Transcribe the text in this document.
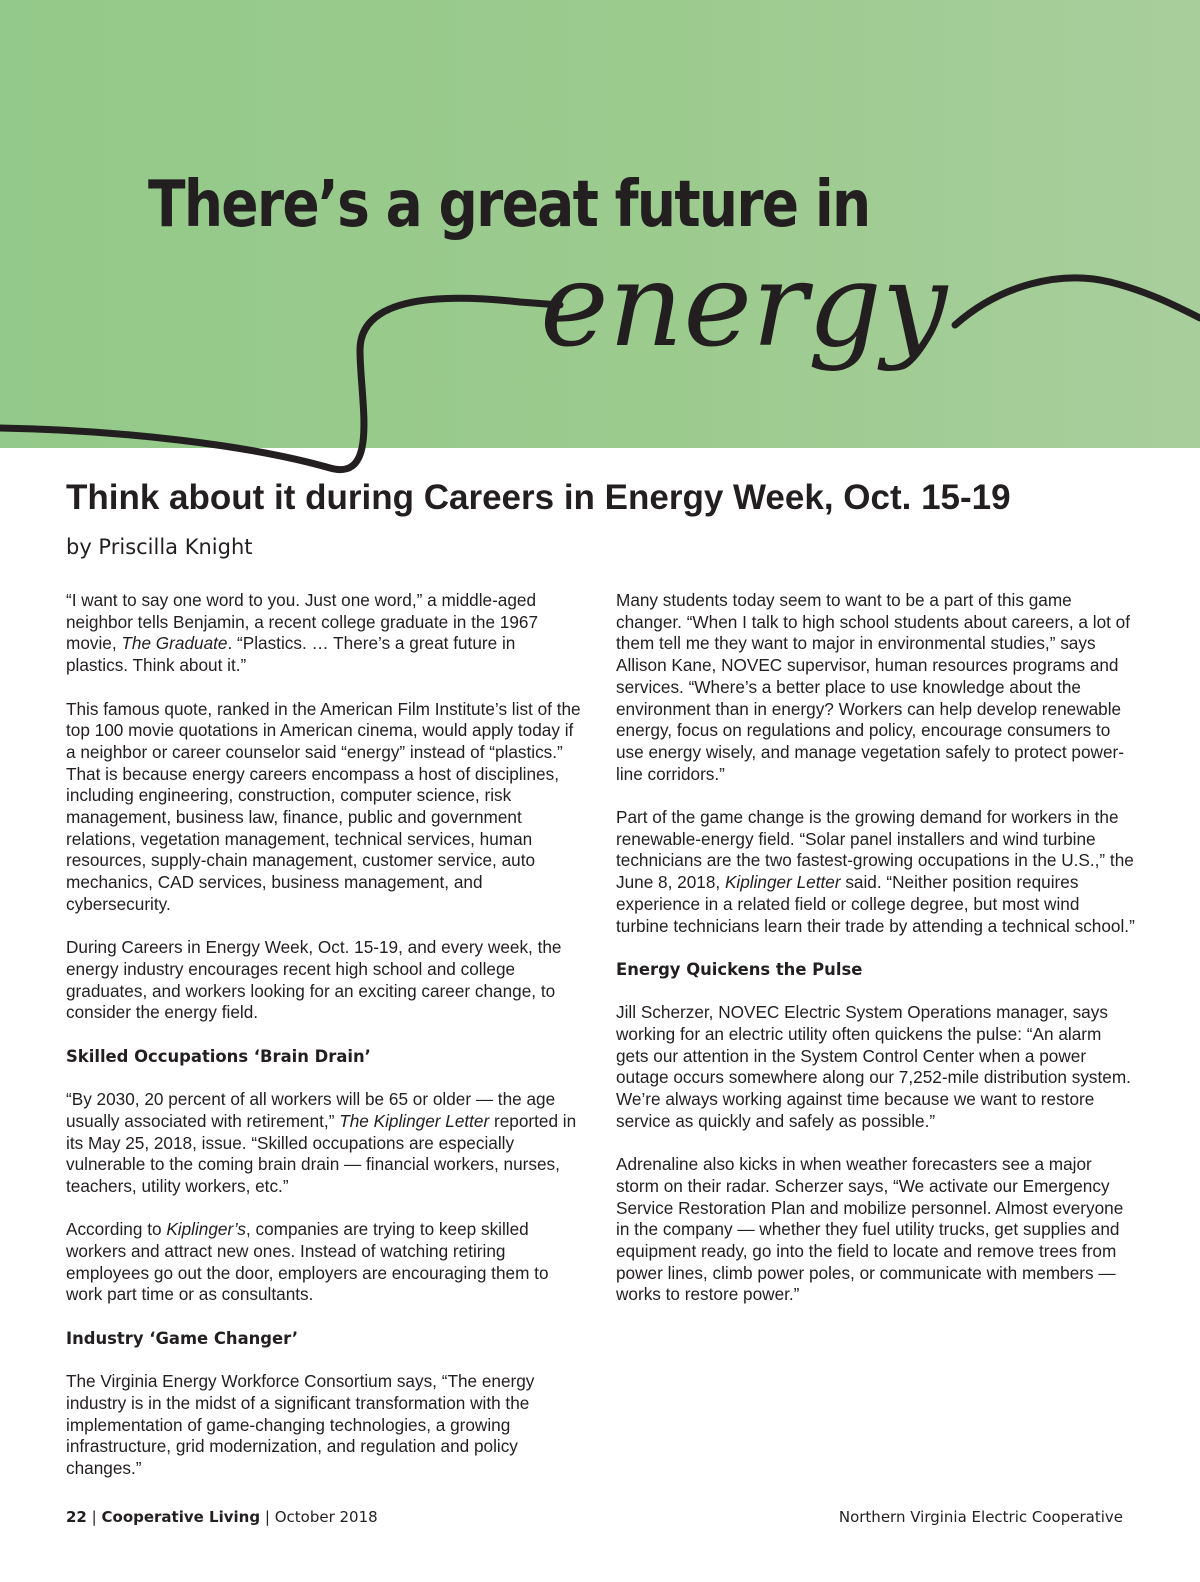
There’s a great future in
energy
Think about it during Careers in Energy Week, Oct. 15-19
by Priscilla Knight

“I want to say one word to you. Just one word,” a middle-aged neighbor tells Benjamin, a recent college graduate in the 1967 movie, The Graduate. “Plastics. … There’s a great future in plastics. Think about it.”

This famous quote, ranked in the American Film Institute’s list of the top 100 movie quotations in American cinema, would apply today if a neighbor or career counselor said “energy” instead of “plastics.” That is because energy careers encompass a host of disciplines, including engineering, construction, computer science, risk management, business law, finance, public and government relations, vegetation management, technical services, human resources, supply-chain management, customer service, auto mechanics, CAD services, business management, and cybersecurity.

During Careers in Energy Week, Oct. 15-19, and every week, the energy industry encourages recent high school and college graduates, and workers looking for an exciting career change, to consider the energy field.

Skilled Occupations ‘Brain Drain’

“By 2030, 20 percent of all workers will be 65 or older — the age usually associated with retirement,” The Kiplinger Letter reported in its May 25, 2018, issue. “Skilled occupations are especially vulnerable to the coming brain drain — financial workers, nurses, teachers, utility workers, etc.”

According to Kiplinger’s, companies are trying to keep skilled workers and attract new ones. Instead of watching retiring employees go out the door, employers are encouraging them to work part time or as consultants.

Industry ‘Game Changer’

The Virginia Energy Workforce Consortium says, “The energy industry is in the midst of a significant transformation with the implementation of game-changing technologies, a growing infrastructure, grid modernization, and regulation and policy changes.”

Many students today seem to want to be a part of this game changer. “When I talk to high school students about careers, a lot of them tell me they want to major in environmental studies,” says Allison Kane, NOVEC supervisor, human resources programs and services. “Where’s a better place to use knowledge about the environment than in energy? Workers can help develop renewable energy, focus on regulations and policy, encourage consumers to use energy wisely, and manage vegetation safely to protect power-line corridors.”

Part of the game change is the growing demand for workers in the renewable-energy field. “Solar panel installers and wind turbine technicians are the two fastest-growing occupations in the U.S.,” the June 8, 2018, Kiplinger Letter said. “Neither position requires experience in a related field or college degree, but most wind turbine technicians learn their trade by attending a technical school.”

Energy Quickens the Pulse

Jill Scherzer, NOVEC Electric System Operations manager, says working for an electric utility often quickens the pulse: “An alarm gets our attention in the System Control Center when a power outage occurs somewhere along our 7,252-mile distribution system. We’re always working against time because we want to restore service as quickly and safely as possible.”

Adrenaline also kicks in when weather forecasters see a major storm on their radar. Scherzer says, “We activate our Emergency Service Restoration Plan and mobilize personnel. Almost everyone in the company — whether they fuel utility trucks, get supplies and equipment ready, go into the field to locate and remove trees from power lines, climb power poles, or communicate with members — works to restore power.”

22 | Cooperative Living | October 2018	Northern Virginia Electric Cooperative
